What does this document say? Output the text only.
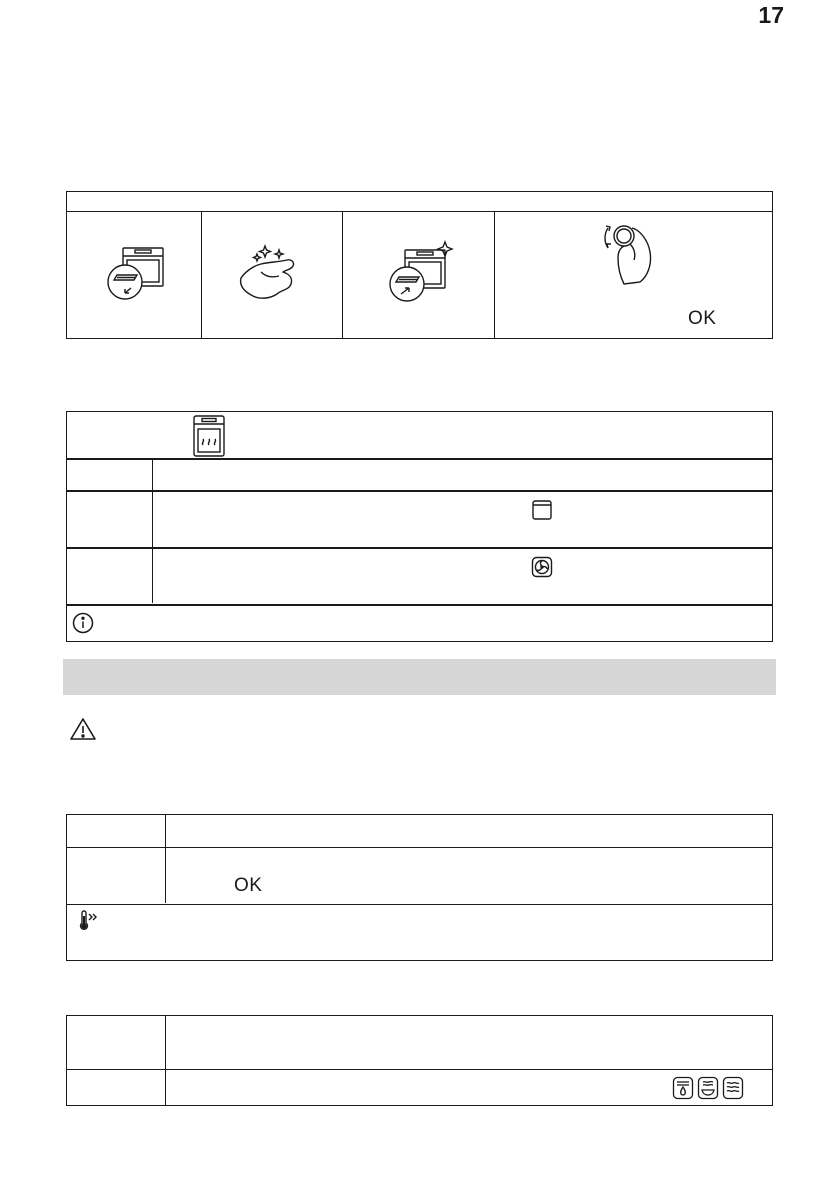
17
OK
OK
